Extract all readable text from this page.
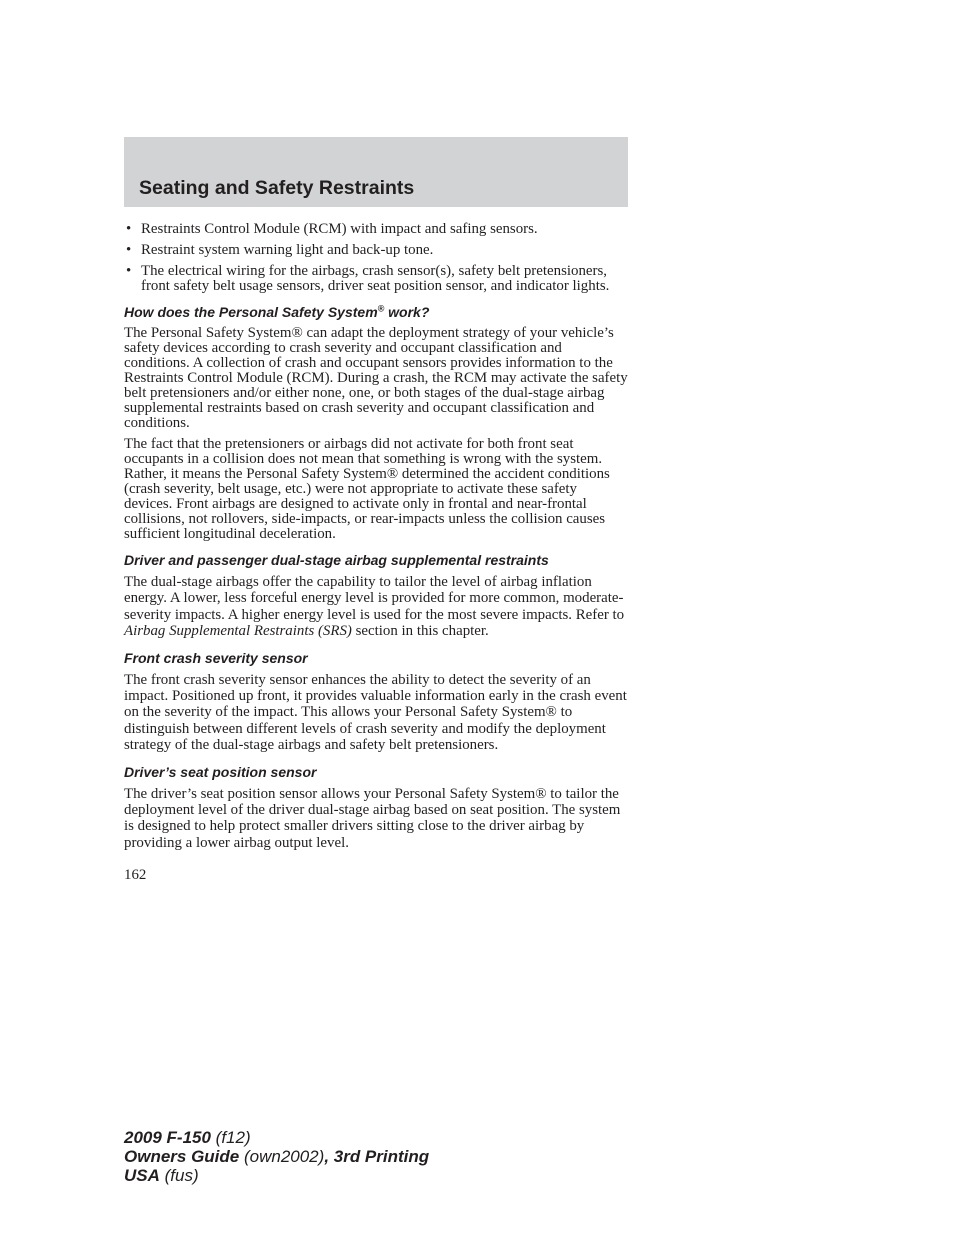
Seating and Safety Restraints
• Restraints Control Module (RCM) with impact and safing sensors.
• Restraint system warning light and back-up tone.
• The electrical wiring for the airbags, crash sensor(s), safety belt pretensioners, front safety belt usage sensors, driver seat position sensor, and indicator lights.
How does the Personal Safety System® work?

The Personal Safety System® can adapt the deployment strategy of your vehicle’s safety devices according to crash severity and occupant classification and conditions. A collection of crash and occupant sensors provides information to the Restraints Control Module (RCM). During a crash, the RCM may activate the safety belt pretensioners and/or either none, one, or both stages of the dual-stage airbag supplemental restraints based on crash severity and occupant classification and conditions.

The fact that the pretensioners or airbags did not activate for both front seat occupants in a collision does not mean that something is wrong with the system. Rather, it means the Personal Safety System® determined the accident conditions (crash severity, belt usage, etc.) were not appropriate to activate these safety devices. Front airbags are designed to activate only in frontal and near-frontal collisions, not rollovers, side-impacts, or rear-impacts unless the collision causes sufficient longitudinal deceleration.

Driver and passenger dual-stage airbag supplemental restraints

The dual-stage airbags offer the capability to tailor the level of airbag inflation energy. A lower, less forceful energy level is provided for more common, moderate-severity impacts. A higher energy level is used for the most severe impacts. Refer to Airbag Supplemental Restraints (SRS) section in this chapter.

Front crash severity sensor

The front crash severity sensor enhances the ability to detect the severity of an impact. Positioned up front, it provides valuable information early in the crash event on the severity of the impact. This allows your Personal Safety System® to distinguish between different levels of crash severity and modify the deployment strategy of the dual-stage airbags and safety belt pretensioners.

Driver’s seat position sensor

The driver’s seat position sensor allows your Personal Safety System® to tailor the deployment level of the driver dual-stage airbag based on seat position. The system is designed to help protect smaller drivers sitting close to the driver airbag by providing a lower airbag output level.

162
2009 F-150 (f12)
Owners Guide (own2002), 3rd Printing
USA (fus)
